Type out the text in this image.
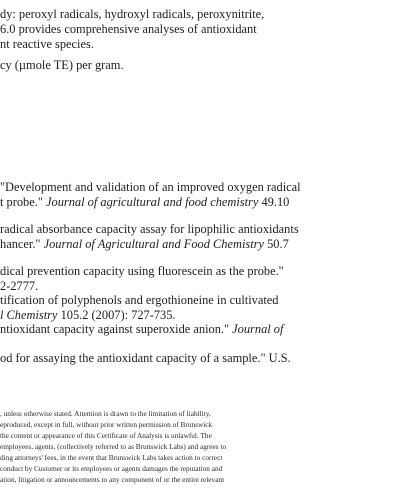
dy: peroxyl radicals, hydroxyl radicals, peroxynitrite,
6.0 provides comprehensive analyses of antioxidant
nt reactive species.
cy (µmole TE) per gram.
"Development and validation of an improved oxygen radical
t probe." Journal of agricultural and food chemistry 49.10
radical absorbance capacity assay for lipophilic antioxidants
hancer." Journal of Agricultural and Food Chemistry 50.7
dical prevention capacity using fluorescein as the probe."
2-2777.
tification of polyphenols and ergothioneine in cultivated
l Chemistry 105.2 (2007): 727-735.
ntioxidant capacity against superoxide anion." Journal of
od for assaying the antioxidant capacity of a sample." U.S.
, unless otherwise stated. Attention is drawn to the limitation of liability,
eproduced, except in full, without prior written permission of Brunswick
the content or appearance of this Certificate of Analysis is unlawful. The
employees, agents, (collectively referred to as Brunswick Labs) and agrees to
ding attorneys' fees, in the event that Brunswick Labs takes action to correct
conduct by Customer or its employees or agents damages the reputation and
ation, litigation or announcements to any component of or the entire relevant
